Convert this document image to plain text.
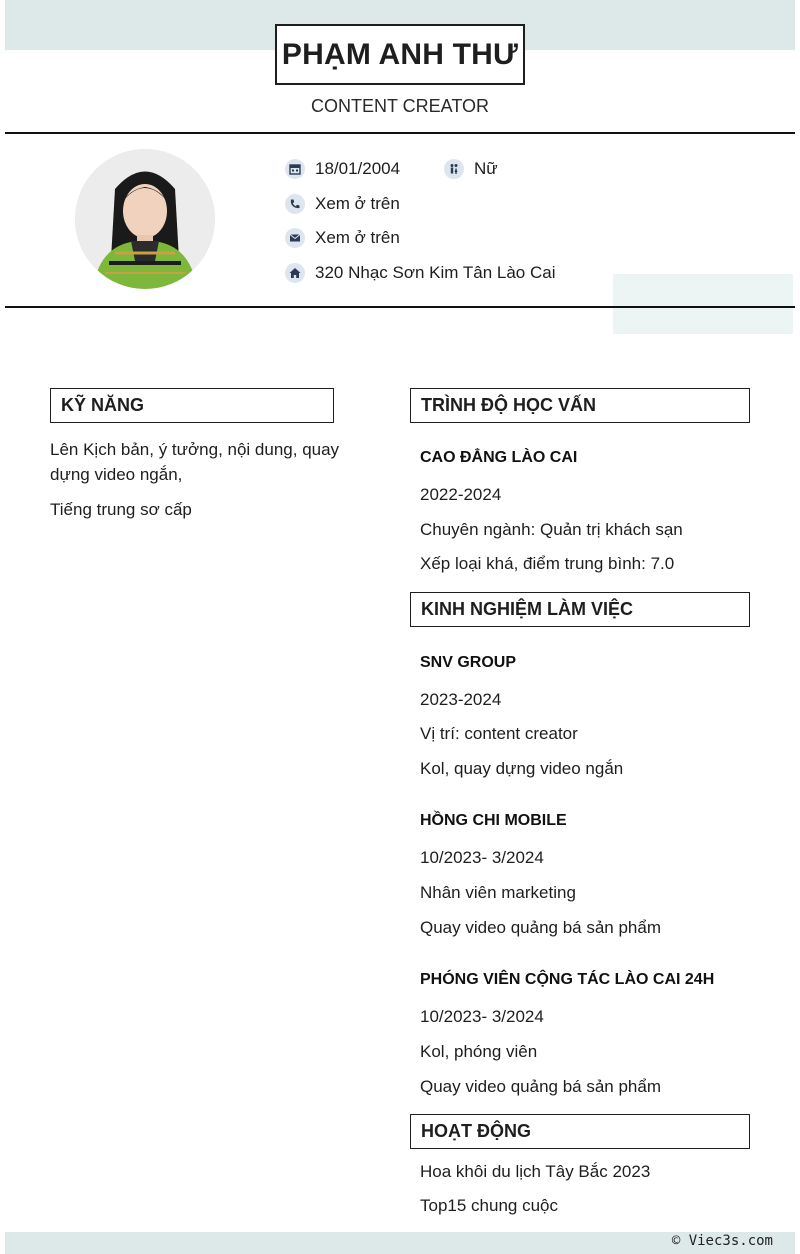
PHẠM ANH THƯ
CONTENT CREATOR
18/01/2004	Nữ
Xem ở trên
Xem ở trên
320 Nhạc Sơn Kim Tân Lào Cai
KỸ NĂNG
Lên Kịch bản, ý tưởng, nội dung, quay dựng video ngắn,
Tiếng trung sơ cấp
TRÌNH ĐỘ HỌC VẤN
CAO ĐẲNG LÀO CAI
2022-2024
Chuyên ngành: Quản trị khách sạn
Xếp loại khá, điểm trung bình: 7.0
KINH NGHIỆM LÀM VIỆC
SNV GROUP
2023-2024
Vị trí: content creator
Kol, quay dựng video ngắn
HỒNG CHI MOBILE
10/2023- 3/2024
Nhân viên marketing
Quay video quảng bá sản phẩm
PHÓNG VIÊN CỘNG TÁC LÀO CAI 24H
10/2023- 3/2024
Kol, phóng viên
Quay video quảng bá sản phẩm
HOẠT ĐỘNG
Hoa khôi du lịch Tây Bắc 2023
Top15 chung cuộc
© Viec3s.com
